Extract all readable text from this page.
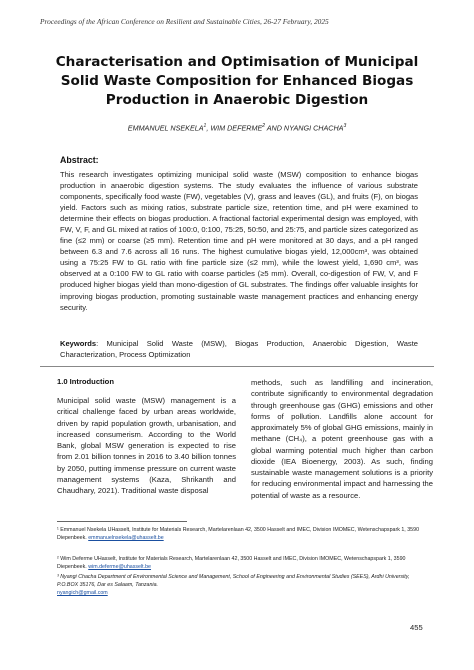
Proceedings of the African Conference on Resilient and Sustainable Cities, 26-27 February, 2025
Characterisation and Optimisation of Municipal Solid Waste Composition for Enhanced Biogas Production in Anaerobic Digestion
EMMANUEL NSEKELA$^1$, WIM DEFERME$^2$ AND NYANGI CHACHA$^3$
Abstract:
This research investigates optimizing municipal solid waste (MSW) composition to enhance biogas production in anaerobic digestion systems. The study evaluates the influence of various substrate components, specifically food waste (FW), vegetables (V), grass and leaves (GL), and fruits (F), on biogas yield. Factors such as mixing ratios, substrate particle size, retention time, and pH were examined to determine their effects on biogas production. A fractional factorial experimental design was employed, with FW, V, F, and GL mixed at ratios of 100:0, 0:100, 75:25, 50:50, and 25:75, and particle sizes categorized as fine (≤2 mm) or coarse (≥5 mm). Retention time and pH were monitored at 30 days, and a pH ranged between 6.3 and 7.6 across all 16 runs. The highest cumulative biogas yield, 12,000cm³, was obtained using a 75:25 FW to GL ratio with fine particle size (≤2 mm), while the lowest yield, 1,690 cm³, was observed at a 0:100 FW to GL ratio with coarse particles (≥5 mm). Overall, co-digestion of FW, V, and F produced higher biogas yield than mono-digestion of GL substrates. The findings offer valuable insights for improving biogas production, promoting sustainable waste management practices and enhancing energy security.
Keywords: Municipal Solid Waste (MSW), Biogas Production, Anaerobic Digestion, Waste Characterization, Process Optimization
1.0 Introduction
Municipal solid waste (MSW) management is a critical challenge faced by urban areas worldwide, driven by rapid population growth, urbanisation, and increased consumerism. According to the World Bank, global MSW generation is expected to rise from 2.01 billion tonnes in 2016 to 3.40 billion tonnes by 2050, putting immense pressure on current waste management systems (Kaza, Shrikanth and Chaudhary, 2021). Traditional waste disposal
methods, such as landfilling and incineration, contribute significantly to environmental degradation through greenhouse gas (GHG) emissions and other forms of pollution. Landfills alone account for approximately 5% of global GHG emissions, mainly in methane (CH₄), a potent greenhouse gas with a global warming potential much higher than carbon dioxide (IEA Bioenergy, 2003). As such, finding sustainable waste management solutions is a priority for reducing environmental impact and harnessing the potential of waste as a resource.
¹ Emmanuel Nsekela UHasselt, Institute for Materials Research, Martelarenlaan 42, 3500 Hasselt and IMEC, Division IMOMEC, Wetenschapspark 1, 3590 Diepenbeek. emmanuelnsekela@uhasselt.be
² Wim Deferme UHasselt, Institute for Materials Research, Martelarenlaan 42, 3500 Hasselt and IMEC, Division IMOMEC, Wetenschapspark 1, 3590 Diepenbeek. wim.deferme@uhasselt.be
³ Nyangi Chacha Department of Environmental Science and Management, School of Engineering and Environmental Studies (SEES), Ardhi University, P.O.BOX 35176, Dar es Salaam, Tanzania.
nyangich@gmail.com
455
